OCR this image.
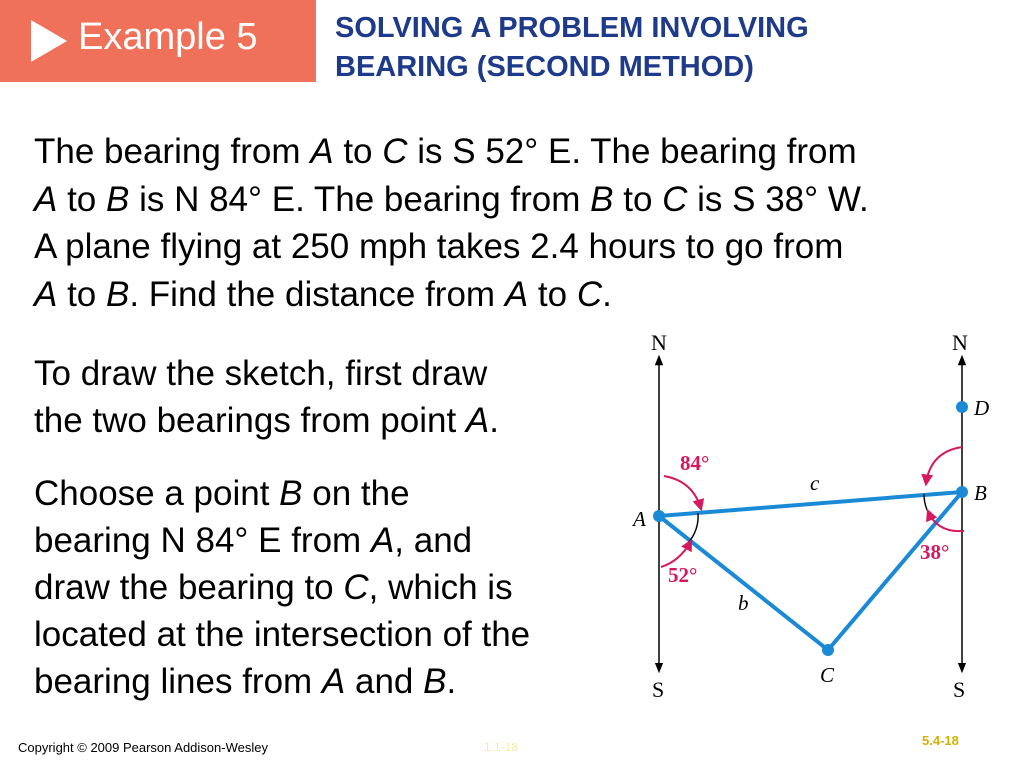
Example 5	SOLVING A PROBLEM INVOLVING
BEARING (SECOND METHOD)
The bearing from A to C is S 52° E. The bearing from
A to B is N 84° E. The bearing from B to C is S 38° W.
A plane flying at 250 mph takes 2.4 hours to go from
A to B. Find the distance from A to C.
To draw the sketch, first draw
the two bearings from point A.
Choose a point B on the
bearing N 84° E from A, and
draw the bearing to C, which is
located at the intersection of the
bearing lines from A and B.
N	N
S	S
A
B
C
D
c
b
84°
52°
38°
Copyright © 2009 Pearson Addison-Wesley	1.1-18	5.4-18
